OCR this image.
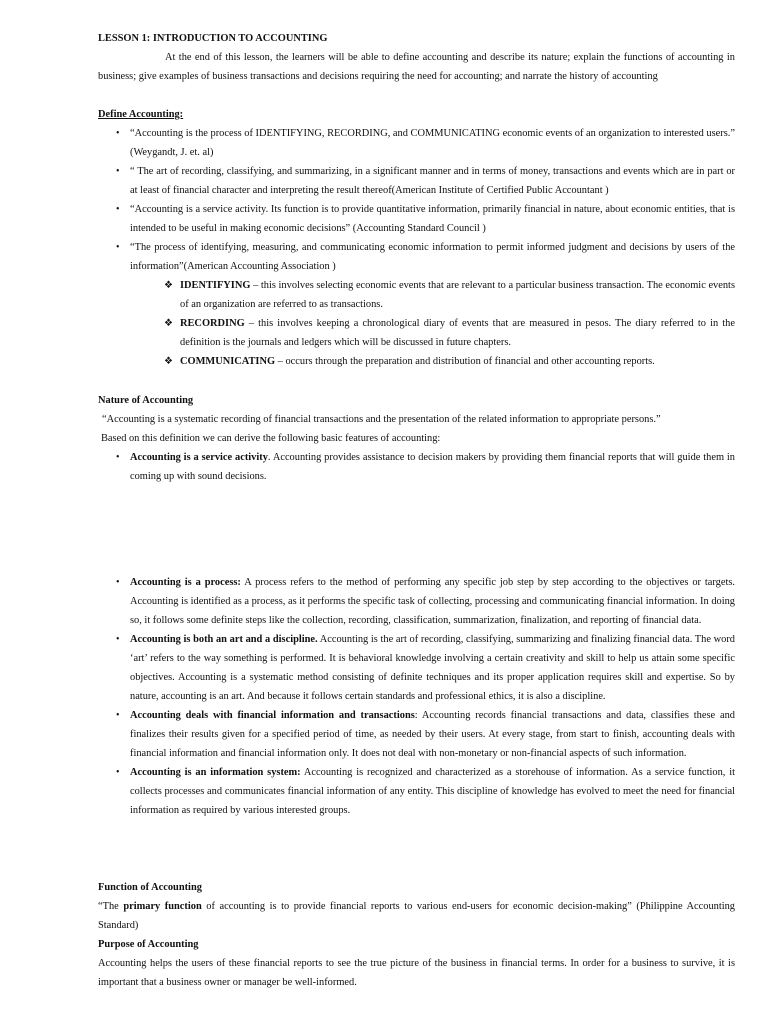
LESSON 1: INTRODUCTION TO ACCOUNTING
At the end of this lesson, the learners will be able to define accounting and describe its nature; explain the functions of accounting in business; give examples of business transactions and decisions requiring the need for accounting; and narrate the history of accounting
Define Accounting:
• “Accounting is the process of IDENTIFYING, RECORDING, and COMMUNICATING economic events of an organization to interested users.” (Weygandt, J. et. al)
• “ The art of recording, classifying, and summarizing, in a significant manner and in terms of money, transactions and events which are in part or at least of financial character and interpreting the result thereof(American Institute of Certified Public Accountant )
• “Accounting is a service activity. Its function is to provide quantitative information, primarily financial in nature, about economic entities, that is intended to be useful in making economic decisions” (Accounting Standard Council )
• “The process of identifying, measuring, and communicating economic information to permit informed judgment and decisions by users of the information”(American Accounting Association )
❖ IDENTIFYING – this involves selecting economic events that are relevant to a particular business transaction. The economic events of an organization are referred to as transactions.
❖ RECORDING – this involves keeping a chronological diary of events that are measured in pesos. The diary referred to in the definition is the journals and ledgers which will be discussed in future chapters.
❖ COMMUNICATING – occurs through the preparation and distribution of financial and other accounting reports.
Nature of Accounting
“Accounting is a systematic recording of financial transactions and the presentation of the related information to appropriate persons.”
Based on this definition we can derive the following basic features of accounting:
• Accounting is a service activity. Accounting provides assistance to decision makers by providing them financial reports that will guide them in coming up with sound decisions.
• Accounting is a process: A process refers to the method of performing any specific job step by step according to the objectives or targets. Accounting is identified as a process, as it performs the specific task of collecting, processing and communicating financial information. In doing so, it follows some definite steps like the collection, recording, classification, summarization, finalization, and reporting of financial data.
• Accounting is both an art and a discipline. Accounting is the art of recording, classifying, summarizing and finalizing financial data. The word ‘art’ refers to the way something is performed. It is behavioral knowledge involving a certain creativity and skill to help us attain some specific objectives. Accounting is a systematic method consisting of definite techniques and its proper application requires skill and expertise. So by nature, accounting is an art. And because it follows certain standards and professional ethics, it is also a discipline.
• Accounting deals with financial information and transactions: Accounting records financial transactions and data, classifies these and finalizes their results given for a specified period of time, as needed by their users. At every stage, from start to finish, accounting deals with financial information and financial information only. It does not deal with non-monetary or non-financial aspects of such information.
• Accounting is an information system: Accounting is recognized and characterized as a storehouse of information. As a service function, it collects processes and communicates financial information of any entity. This discipline of knowledge has evolved to meet the need for financial information as required by various interested groups.
Function of Accounting
“The primary function of accounting is to provide financial reports to various end-users for economic decision-making” (Philippine Accounting Standard)
Purpose of Accounting
Accounting helps the users of these financial reports to see the true picture of the business in financial terms. In order for a business to survive, it is important that a business owner or manager be well-informed.
